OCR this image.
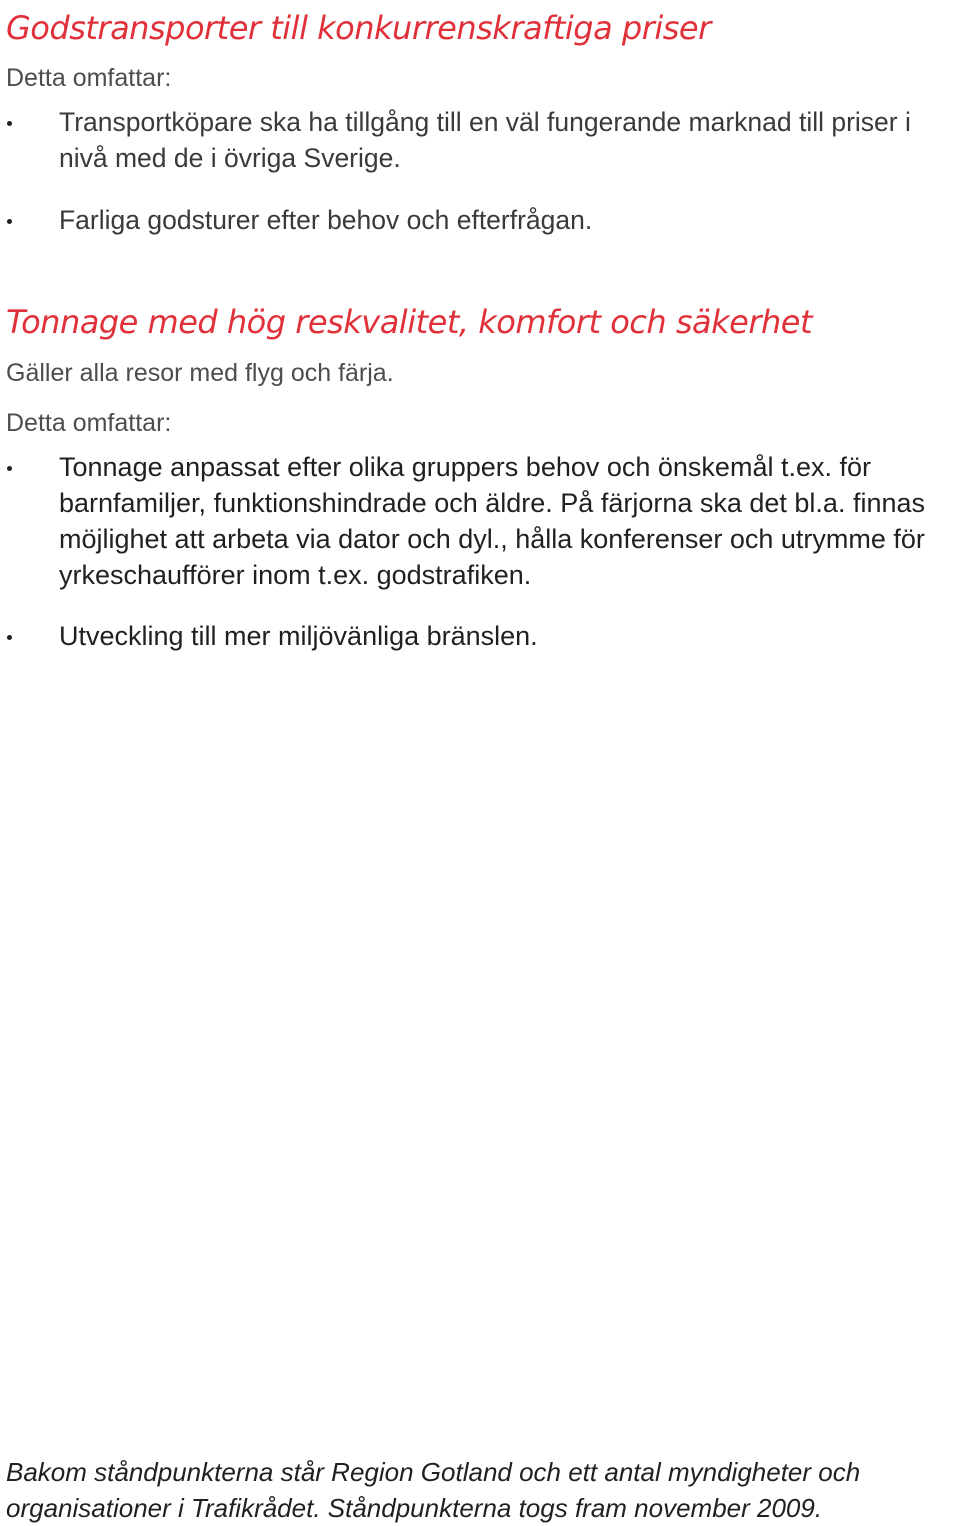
Godstransporter till konkurrenskraftiga priser

Detta omfattar:

Transportköpare ska ha tillgång till en väl fungerande marknad till priser i nivå med de i övriga Sverige.
Farliga godsturer efter behov och efterfrågan.
Tonnage med hög reskvalitet, komfort och säkerhet

Gäller alla resor med flyg och färja.

Detta omfattar:

Tonnage anpassat efter olika gruppers behov och önskemål t.ex. för barnfamiljer, funktionshindrade och äldre. På färjorna ska det bl.a. finnas möjlighet att arbeta via dator och dyl., hålla konferenser och utrymme för yrkeschaufförer inom t.ex. godstrafiken.
Utveckling till mer miljövänliga bränslen.

Bakom ståndpunkterna står Region Gotland och ett antal myndigheter och organisationer i Trafikrådet. Ståndpunkterna togs fram november 2009.
